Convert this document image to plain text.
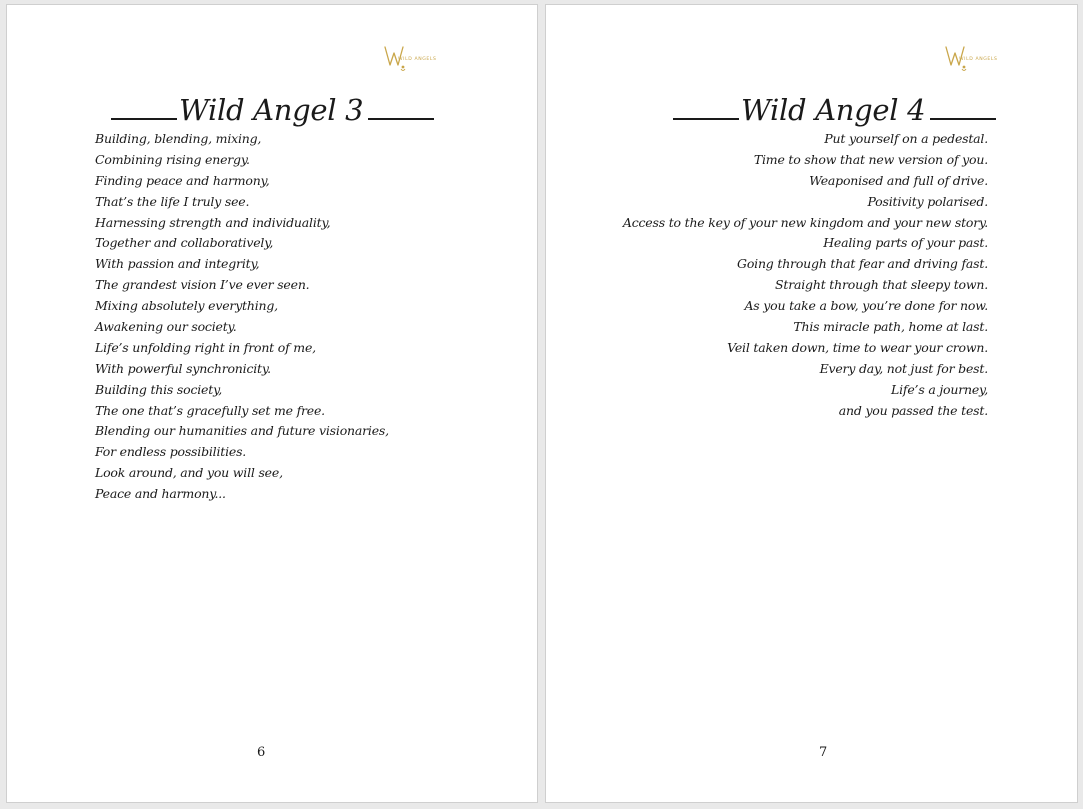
WILD ANGELS
Wild Angel 3
Building, blending, mixing,
Combining rising energy.
Finding peace and harmony,
That’s the life I truly see.
Harnessing strength and individuality,
Together and collaboratively,
With passion and integrity,
The grandest vision I’ve ever seen.
Mixing absolutely everything,
Awakening our society.
Life’s unfolding right in front of me,
With powerful synchronicity.
Building this society,
The one that’s gracefully set me free.
Blending our humanities and future visionaries,
For endless possibilities.
Look around, and you will see,
Peace and harmony...
6
WILD ANGELS
Wild Angel 4
Put yourself on a pedestal.
Time to show that new version of you.
Weaponised and full of drive.
Positivity polarised.
Access to the key of your new kingdom and your new story.
Healing parts of your past.
Going through that fear and driving fast.
Straight through that sleepy town.
As you take a bow, you’re done for now.
This miracle path, home at last.
Veil taken down, time to wear your crown.
Every day, not just for best.
Life’s a journey,
and you passed the test.
7
